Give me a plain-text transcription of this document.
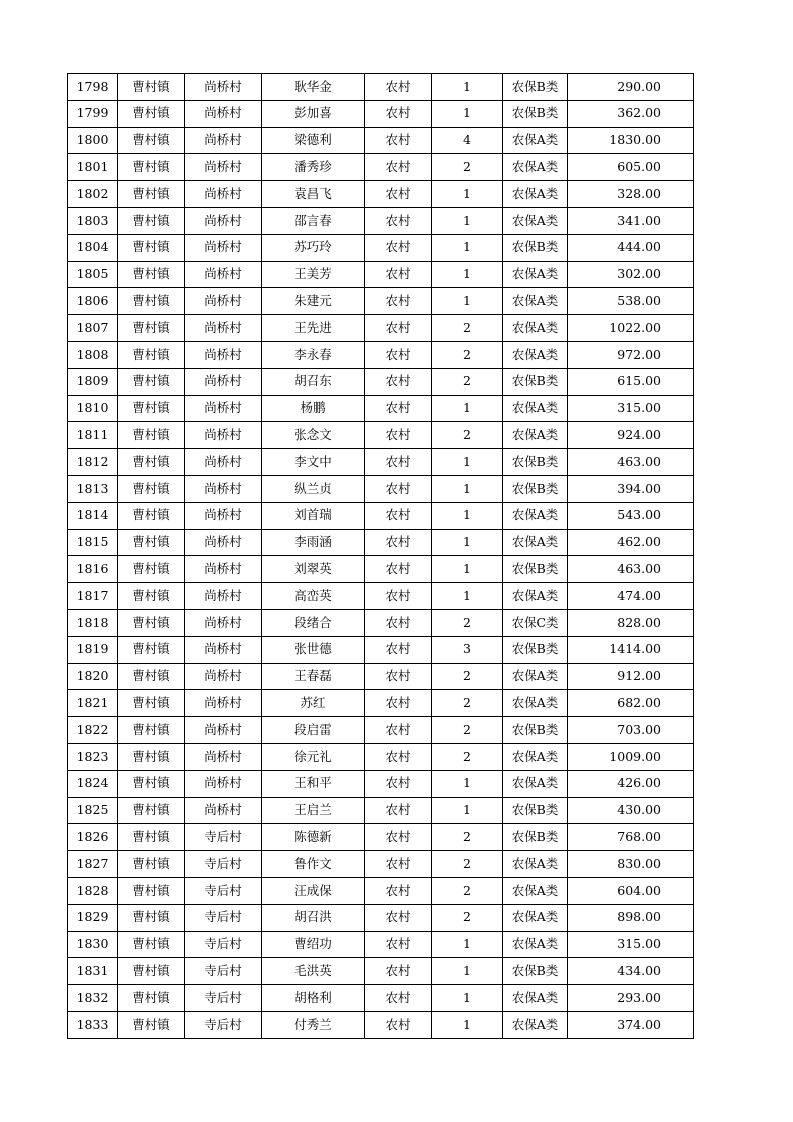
1798	曹村镇	尚桥村	耿华金	农村	1	农保B类	290.00
1799	曹村镇	尚桥村	彭加喜	农村	1	农保B类	362.00
1800	曹村镇	尚桥村	梁德利	农村	4	农保A类	1830.00
1801	曹村镇	尚桥村	潘秀珍	农村	2	农保A类	605.00
1802	曹村镇	尚桥村	袁昌飞	农村	1	农保A类	328.00
1803	曹村镇	尚桥村	邵言春	农村	1	农保A类	341.00
1804	曹村镇	尚桥村	苏巧玲	农村	1	农保B类	444.00
1805	曹村镇	尚桥村	王美芳	农村	1	农保A类	302.00
1806	曹村镇	尚桥村	朱建元	农村	1	农保A类	538.00
1807	曹村镇	尚桥村	王先进	农村	2	农保A类	1022.00
1808	曹村镇	尚桥村	李永春	农村	2	农保A类	972.00
1809	曹村镇	尚桥村	胡召东	农村	2	农保B类	615.00
1810	曹村镇	尚桥村	杨鹏	农村	1	农保A类	315.00
1811	曹村镇	尚桥村	张念文	农村	2	农保A类	924.00
1812	曹村镇	尚桥村	李文中	农村	1	农保B类	463.00
1813	曹村镇	尚桥村	纵兰贞	农村	1	农保B类	394.00
1814	曹村镇	尚桥村	刘首瑞	农村	1	农保A类	543.00
1815	曹村镇	尚桥村	李雨涵	农村	1	农保A类	462.00
1816	曹村镇	尚桥村	刘翠英	农村	1	农保B类	463.00
1817	曹村镇	尚桥村	高峦英	农村	1	农保A类	474.00
1818	曹村镇	尚桥村	段绪合	农村	2	农保C类	828.00
1819	曹村镇	尚桥村	张世德	农村	3	农保B类	1414.00
1820	曹村镇	尚桥村	王春磊	农村	2	农保A类	912.00
1821	曹村镇	尚桥村	苏红	农村	2	农保A类	682.00
1822	曹村镇	尚桥村	段启雷	农村	2	农保B类	703.00
1823	曹村镇	尚桥村	徐元礼	农村	2	农保A类	1009.00
1824	曹村镇	尚桥村	王和平	农村	1	农保A类	426.00
1825	曹村镇	尚桥村	王启兰	农村	1	农保B类	430.00
1826	曹村镇	寺后村	陈德新	农村	2	农保B类	768.00
1827	曹村镇	寺后村	鲁作文	农村	2	农保A类	830.00
1828	曹村镇	寺后村	汪成保	农村	2	农保A类	604.00
1829	曹村镇	寺后村	胡召洪	农村	2	农保A类	898.00
1830	曹村镇	寺后村	曹绍功	农村	1	农保A类	315.00
1831	曹村镇	寺后村	毛洪英	农村	1	农保B类	434.00
1832	曹村镇	寺后村	胡格利	农村	1	农保A类	293.00
1833	曹村镇	寺后村	付秀兰	农村	1	农保A类	374.00
